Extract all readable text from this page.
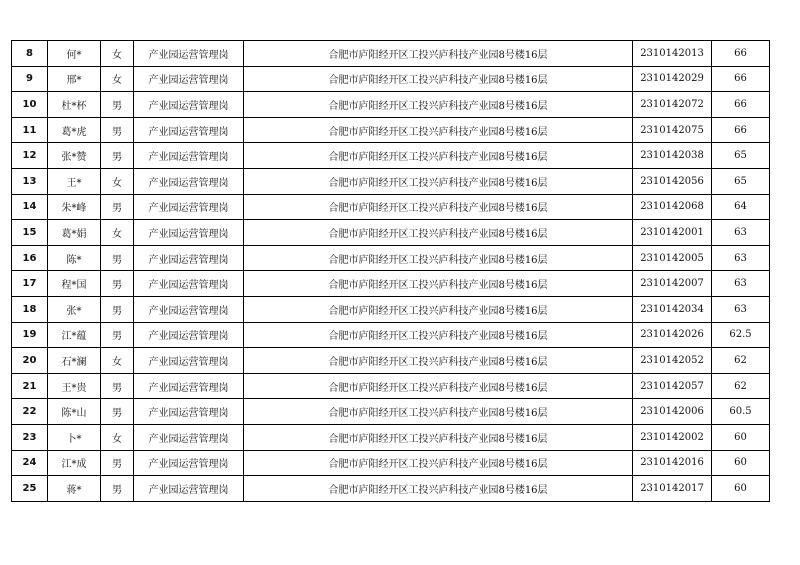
8	何*	女	产业园运营管理岗	合肥市庐阳经开区工投兴庐科技产业园8号楼16层	2310142013	66
9	邢*	女	产业园运营管理岗	合肥市庐阳经开区工投兴庐科技产业园8号楼16层	2310142029	66
10	杜*杯	男	产业园运营管理岗	合肥市庐阳经开区工投兴庐科技产业园8号楼16层	2310142072	66
11	葛*虎	男	产业园运营管理岗	合肥市庐阳经开区工投兴庐科技产业园8号楼16层	2310142075	66
12	张*赞	男	产业园运营管理岗	合肥市庐阳经开区工投兴庐科技产业园8号楼16层	2310142038	65
13	王*	女	产业园运营管理岗	合肥市庐阳经开区工投兴庐科技产业园8号楼16层	2310142056	65
14	朱*峰	男	产业园运营管理岗	合肥市庐阳经开区工投兴庐科技产业园8号楼16层	2310142068	64
15	葛*娟	女	产业园运营管理岗	合肥市庐阳经开区工投兴庐科技产业园8号楼16层	2310142001	63
16	陈*	男	产业园运营管理岗	合肥市庐阳经开区工投兴庐科技产业园8号楼16层	2310142005	63
17	程*国	男	产业园运营管理岗	合肥市庐阳经开区工投兴庐科技产业园8号楼16层	2310142007	63
18	张*	男	产业园运营管理岗	合肥市庐阳经开区工投兴庐科技产业园8号楼16层	2310142034	63
19	江*蕴	男	产业园运营管理岗	合肥市庐阳经开区工投兴庐科技产业园8号楼16层	2310142026	62.5
20	石*澜	女	产业园运营管理岗	合肥市庐阳经开区工投兴庐科技产业园8号楼16层	2310142052	62
21	王*贵	男	产业园运营管理岗	合肥市庐阳经开区工投兴庐科技产业园8号楼16层	2310142057	62
22	陈*山	男	产业园运营管理岗	合肥市庐阳经开区工投兴庐科技产业园8号楼16层	2310142006	60.5
23	卜*	女	产业园运营管理岗	合肥市庐阳经开区工投兴庐科技产业园8号楼16层	2310142002	60
24	江*成	男	产业园运营管理岗	合肥市庐阳经开区工投兴庐科技产业园8号楼16层	2310142016	60
25	蒋*	男	产业园运营管理岗	合肥市庐阳经开区工投兴庐科技产业园8号楼16层	2310142017	60
